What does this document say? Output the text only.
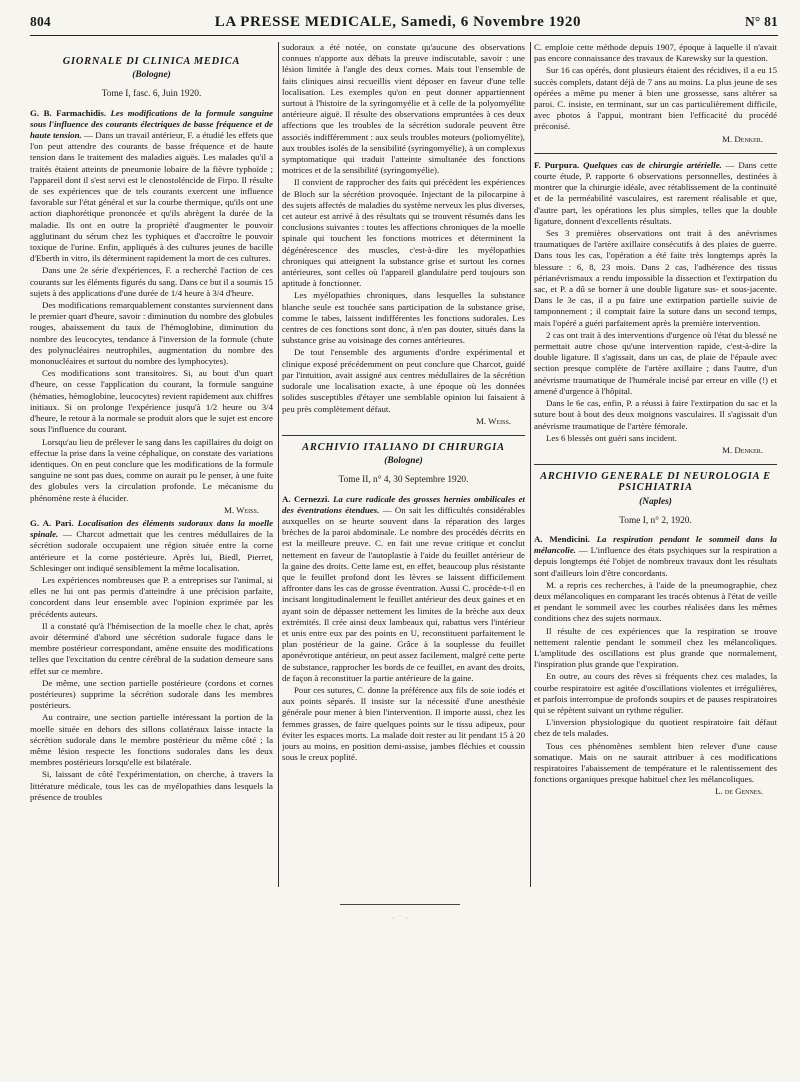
804	LA PRESSE MEDICALE, Samedi, 6 Novembre 1920	N° 81
GIORNALE DI CLINICA MEDICA
(Bologne)
Tome I, fasc. 6, Juin 1920.

G. B. Farmachidis. Les modifications de la formule sanguine sous l'influence des courants électriques de basse fréquence et de haute tension. — Dans un travail antérieur, F. a étudié les effets que l'on peut attendre des courants de basse fréquence et de haute tension dans le traitement des maladies aiguës. Les malades qu'il a traités étaient atteints de pneumonie lobaire de la fièvre typhoïde ; l'appareil dont il s'est servi est le clenostoléncide de Firpo. Il résulte de ses expériences que de tels courants exercent une influence favorable sur l'état général et sur la courbe thermique, qu'ils ont une action diaphorétique prononcée et qu'ils abrègent la durée de la maladie. Ils ont en outre la propriété d'augmenter le pouvoir agglutinant du sérum chez les typhiques et d'accroître le pouvoir toxique de l'urine. Enfin, appliqués à des cultures jeunes de bacille d'Eberth in vitro, ils déterminent rapidement la mort de ces cultures.

Dans une 2e série d'expériences, F. a recherché l'action de ces courants sur les éléments figurés du sang. Dans ce but il a soumis 15 sujets à des applications d'une durée de 1/4 heure à 3/4 d'heure.

Des modifications remarquablement constantes surviennent dans le premier quart d'heure, savoir : diminution du nombre des globules rouges, abaissement du taux de l'hémoglobine, diminution du nombre des leucocytes, tendance à l'inversion de la formule (chute des polynucléaires neutrophiles, augmentation du nombre des mononucléaires et surtout du nombre des lymphocytes).

Ces modifications sont transitoires. Si, au bout d'un quart d'heure, on cesse l'application du courant, la formule sanguine (hématies, hémoglobine, leucocytes) revient rapidement aux chiffres initiaux. Si on prolonge l'expérience jusqu'à 1/2 heure ou 3/4 d'heure, le retour à la normale se produit alors que le sujet est encore sous l'influence du courant.

Lorsqu'au lieu de prélever le sang dans les capillaires du doigt on effectue la prise dans la veine céphalique, on constate des variations identiques. On en peut conclure que les modifications de la formule sanguine ne sont pas dues, comme on aurait pu le penser, à une fuite des globules vers la circulation profonde. Le mécanisme du phénomène reste à élucider.

M. Weiss.

G. A. Pari. Localisation des éléments sudoraux dans la moelle spinale. — Charcot admettait que les centres médullaires de la sécrétion sudorale occupaient une région située entre la corne antérieure et la corne postérieure. Après lui, Biedl, Pierret, Schlesinger ont indiqué sensiblement la même localisation.

Les expériences nombreuses que P. a entreprises sur l'animal, si elles ne lui ont pas permis d'atteindre à une précision parfaite, concordent dans leur ensemble avec l'opinion exprimée par les précédents auteurs.

Il a constaté qu'à l'hémisection de la moelle chez le chat, après avoir déterminé d'abord une sécrétion sudorale fugace dans le membre postérieur correspondant, amène ensuite des modifications telles que l'excitation du centre cérébral de la sudation demeure sans effet sur ce membre.

De même, une section partielle postérieure (cordons et cornes postérieures) supprime la sécrétion sudorale dans les membres postérieurs.

Au contraire, une section partielle intéressant la portion de la moelle située en dehors des sillons collatéraux laisse intacte la sécrétion sudorale dans le membre postérieur du même côté ; la même lésion respecte les fonctions sudorales dans les deux membres postérieurs lorsqu'elle est bilatérale.

Si, laissant de côté l'expérimentation, on cherche, à travers la littérature médicale, tous les cas de myélopathies dans lesquels la présence de troubles

sudoraux a été notée, on constate qu'aucune des observations connues n'apporte aux débats la preuve indiscutable, savoir : une lésion limitée à l'angle des deux cornes. Mais tout l'ensemble de faits cliniques ainsi recueillis vient déposer en faveur d'une telle localisation. Les exemples qu'on en peut donner appartiennent surtout à l'histoire de la syringomyélie et à celle de la polyomyélite antérieure aiguë. Il résulte des observations empruntées à ces deux affections que les troubles de la sécrétion sudorale peuvent être associés indifféremment : aux seuls troubles moteurs (poliomyélite), aux troubles isolés de la sensibilité (syringomyélie), à un complexus symptomatique qui traduit l'atteinte simultanée des fonctions motrices et de la sensibilité (syringomyélie).

Il convient de rapprocher des faits qui précèdent les expériences de Bloch sur la sécrétion provoquée. Injectant de la pilocarpine à des sujets affectés de maladies du système nerveux les plus diverses, cet auteur est arrivé à des résultats qui se trouvent résumés dans les conclusions suivantes : toutes les affections chroniques de la moelle spinale qui touchent les fonctions motrices et déterminent la dégénérescence des muscles, c'est-à-dire les myélopathies chroniques qui atteignent la substance grise et surtout les cornes antérieures, sont celles où l'appareil glandulaire perd toujours son aptitude à fonctionner.

Les myélopathies chroniques, dans lesquelles la substance blanche seule est touchée sans participation de la substance grise, comme le tabes, laissent indifférentes les fonctions sudorales. Les centres de ces fonctions sont donc, à n'en pas douter, situés dans la substance grise au voisinage des cornes antérieures.

De tout l'ensemble des arguments d'ordre expérimental et clinique exposé précédemment on peut conclure que Charcot, guidé par l'intuition, avait assigné aux centres médullaires de la sécrétion sudorale une localisation exacte, à une époque où les données solides susceptibles d'étayer une semblable opinion lui faisaient à peu près complètement défaut.

M. Weiss.
ARCHIVIO ITALIANO DI CHIRURGIA
(Bologne)
Tome II, n° 4, 30 Septembre 1920.

A. Cernezzi. La cure radicale des grosses hernies ombilicales et des éventrations étendues. — On sait les difficultés considérables auxquelles on se heurte souvent dans la réparation des larges brèches de la paroi abdominale. Le nombre des procédés décrits en est la meilleure preuve. C. en fait une revue critique et conclut nettement en faveur de l'autoplastie à l'aide du feuillet antérieur de la gaine des droits. Cette lame est, en effet, beaucoup plus résistante que le feuillet profond dont les lèvres se laissent difficilement affronter dans les cas de grosse éventration. Aussi C. procède-t-il en incisant longitudinalement le feuillet antérieur des deux gaines et en ayant soin de dépasser nettement les limites de la brèche aux deux extrémités. Il crée ainsi deux lambeaux qui, rabattus vers l'intérieur et unis entre eux par des points en U, reconstituent parfaitement le plan postérieur de la gaine. Grâce à la souplesse du feuillet aponévrotique antérieur, on peut assez facilement, malgré cette perte de substance, rapprocher les bords de ce feuillet, en avant des droits, de façon à reconstituer la partie antérieure de la gaine.

Pour ces sutures, C. donne la préférence aux fils de soie iodés et aux points séparés. Il insiste sur la nécessité d'une anesthésie générale pour mener à bien l'intervention. Il importe aussi, chez les femmes grasses, de faire quelques points sur le tissu adipeux, pour éviter les espaces morts. La malade doit rester au lit pendant 15 à 20 jours au moins, en position demi-assise, jambes fléchies et coussin sous le creux poplité.

C. emploie cette méthode depuis 1907, époque à laquelle il n'avait pas encore connaissance des travaux de Karewsky sur la question.

Sur 16 cas opérés, dont plusieurs étaient des récidives, il a eu 15 succès complets, datant déjà de 7 ans au moins. La plus jeune de ses opérées a même pu mener à bien une grossesse, sans altérer sa paroi. C. insiste, en terminant, sur un cas particulièrement difficile, avec photos à l'appui, montrant bien l'efficacité du procédé préconisé.

M. Denker.

F. Purpura. Quelques cas de chirurgie artérielle. — Dans cette courte étude, P. rapporte 6 observations personnelles, destinées à montrer que la chirurgie idéale, avec rétablissement de la continuité et de la perméabilité vasculaires, est rarement réalisable et que, d'autre part, les opérations les plus simples, telles que la double ligature, donnent d'excellents résultats.

Ses 3 premières observations ont trait à des anévrismes traumatiques de l'artère axillaire consécutifs à des plaies de guerre. Dans tous les cas, l'opération a été faite très longtemps après la blessure : 6, 8, 23 mois. Dans 2 cas, l'adhérence des tissus périanévrismaux a rendu impossible la dissection et l'extirpation du sac, et P. a dû se borner à une double ligature sus- et sous-jacente. Dans le 3e cas, il a pu faire une extirpation partielle suivie de tamponnement ; il comptait faire la suture dans un second temps, mais l'opéré a guéri parfaitement après la première intervention.

2 cas ont trait à des interventions d'urgence où l'état du blessé ne permettait autre chose qu'une intervention rapide, c'est-à-dire la double ligature. Il s'agissait, dans un cas, de plaie de l'épaule avec section presque complète de l'artère axillaire ; dans l'autre, d'un anévrisme traumatique de l'humérale incisé par erreur en ville (!) et amené d'urgence à l'hôpital.

Dans le 6e cas, enfin, P. a réussi à faire l'extirpation du sac et la suture bout à bout des deux moignons vasculaires. Il s'agissait d'un anévrisme traumatique de l'artère fémorale.

Les 6 blessés ont guéri sans incident.

M. Denker.
ARCHIVIO GENERALE DI NEUROLOGIA E PSICHIATRIA
(Naples)
Tome I, n° 2, 1920.

A. Mendicini. La respiration pendant le sommeil dans la mélancolie. — L'influence des états psychiques sur la respiration a depuis longtemps été l'objet de nombreux travaux dont les résultats sont d'ailleurs loin d'être concordants.

M. a repris ces recherches, à l'aide de la pneumographie, chez deux mélancoliques en comparant les tracés obtenus à l'état de veille et pendant le sommeil avec les courbes réalisées dans les mêmes conditions chez des sujets normaux.

Il résulte de ces expériences que la respiration se trouve nettement ralentie pendant le sommeil chez les mélancoliques. L'amplitude des oscillations est plus grande que normalement, l'inspiration plus grande que l'expiration.

En outre, au cours des rêves si fréquents chez ces malades, la courbe respiratoire est agitée d'oscillations violentes et irrégulières, et parfois interrompue de profonds soupirs et de pauses respiratoires qui se répètent suivant un rythme régulier.

L'inversion physiologique du quotient respiratoire fait défaut chez de tels malades.

Tous ces phénomènes semblent bien relever d'une cause somatique. Mais on ne saurait attribuer à ces modifications respiratoires l'abaissement de température et le ralentissement des fonctions organiques presque habituel chez les mélancoliques.

L. de Gennes.
· ˙ ·
